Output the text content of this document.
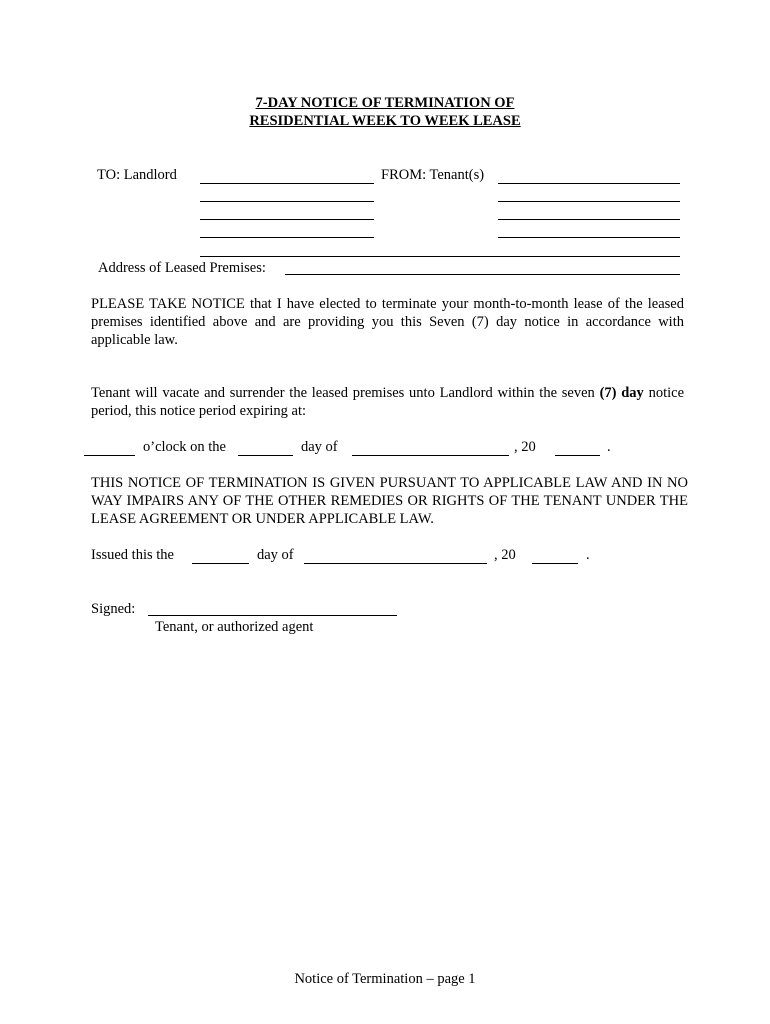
7-DAY NOTICE OF TERMINATION OF
RESIDENTIAL WEEK TO WEEK LEASE
TO: Landlord	FROM: Tenant(s)
Address of Leased Premises:
PLEASE TAKE NOTICE that I have elected to terminate your month-to-month lease of the leased premises identified above and are providing you this Seven (7) day notice in accordance with applicable law.
Tenant will vacate and surrender the leased premises unto Landlord within the seven (7) day notice period, this notice period expiring at:
o’clock on the	day of	, 20	.
THIS NOTICE OF TERMINATION IS GIVEN PURSUANT TO APPLICABLE LAW AND IN NO WAY IMPAIRS ANY OF THE OTHER REMEDIES OR RIGHTS OF THE TENANT UNDER THE LEASE AGREEMENT OR UNDER APPLICABLE LAW.
Issued this the	day of	, 20	.
Signed:
Tenant, or authorized agent
Notice of Termination – page 1
